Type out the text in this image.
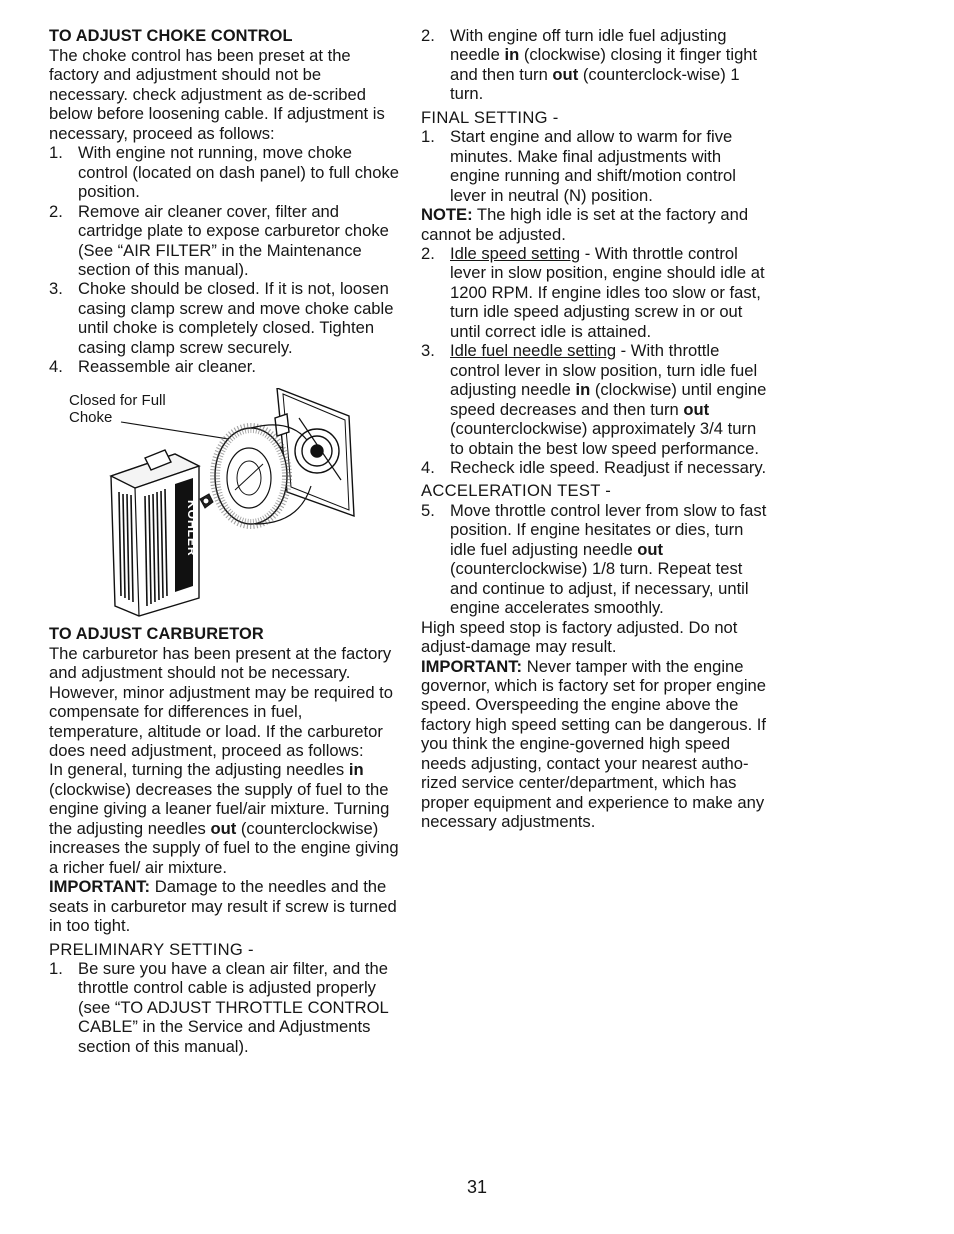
TO ADJUST CHOKE CONTROL

The choke control has been preset at the factory and adjustment should not be necessary. check adjustment as de-scribed below before loosening cable. If adjustment is necessary, proceed as follows:

1. With engine not running, move choke control (located on dash panel) to full choke position.
2. Remove air cleaner cover, filter and cartridge plate to expose carburetor choke (See “AIR FILTER” in the Maintenance section of this manual).
3. Choke should be closed. If it is not, loosen casing clamp screw and move choke cable until choke is completely closed. Tighten casing clamp screw securely.
4. Reassemble air cleaner.
Closed for Full
Choke
KOHLER
TO ADJUST CARBURETOR

The carburetor has been present at the factory and adjustment should not be necessary. However, minor adjustment may be required to compensate for differences in fuel, temperature, altitude or load. If the carburetor does need adjustment, proceed as follows:

In general, turning the adjusting needles in (clockwise) decreases the supply of fuel to the engine giving a leaner fuel/air mixture. Turning the adjusting needles out (counterclockwise) increases the supply of fuel to the engine giving a richer fuel/ air mixture.

IMPORTANT: Damage to the needles and the seats in carburetor may result if screw is turned in too tight.

PRELIMINARY SETTING -

1. Be sure you have a clean air filter, and the throttle control cable is adjusted properly (see “TO ADJUST THROTTLE CONTROL CABLE” in the Service and Adjustments section of this manual).
2. With engine off turn idle fuel adjusting needle in (clockwise) closing it finger tight and then turn out (counterclock-wise) 1 turn.

FINAL SETTING -

1. Start engine and allow to warm for five minutes. Make final adjustments with engine running and shift/motion control lever in neutral (N) position.

NOTE: The high idle is set at the factory and cannot be adjusted.

2. Idle speed setting - With throttle control lever in slow position, engine should idle at 1200 RPM. If engine idles too slow or fast, turn idle speed adjusting screw in or out until correct idle is attained.
3. Idle fuel needle setting - With throttle control lever in slow position, turn idle fuel adjusting needle in (clockwise) until engine speed decreases and then turn out (counterclockwise) approximately 3/4 turn to obtain the best low speed performance.
4. Recheck idle speed. Readjust if necessary.

ACCELERATION TEST -

5. Move throttle control lever from slow to fast position. If engine hesitates or dies, turn idle fuel adjusting needle out (counterclockwise) 1/8 turn. Repeat test and continue to adjust, if necessary, until engine accelerates smoothly.

High speed stop is factory adjusted. Do not adjust-damage may result.

IMPORTANT: Never tamper with the engine governor, which is factory set for proper engine speed. Overspeeding the engine above the factory high speed setting can be dangerous. If you think the engine-governed high speed needs adjusting, contact your nearest autho-rized service center/department, which has proper equipment and experience to make any necessary adjustments.

31
